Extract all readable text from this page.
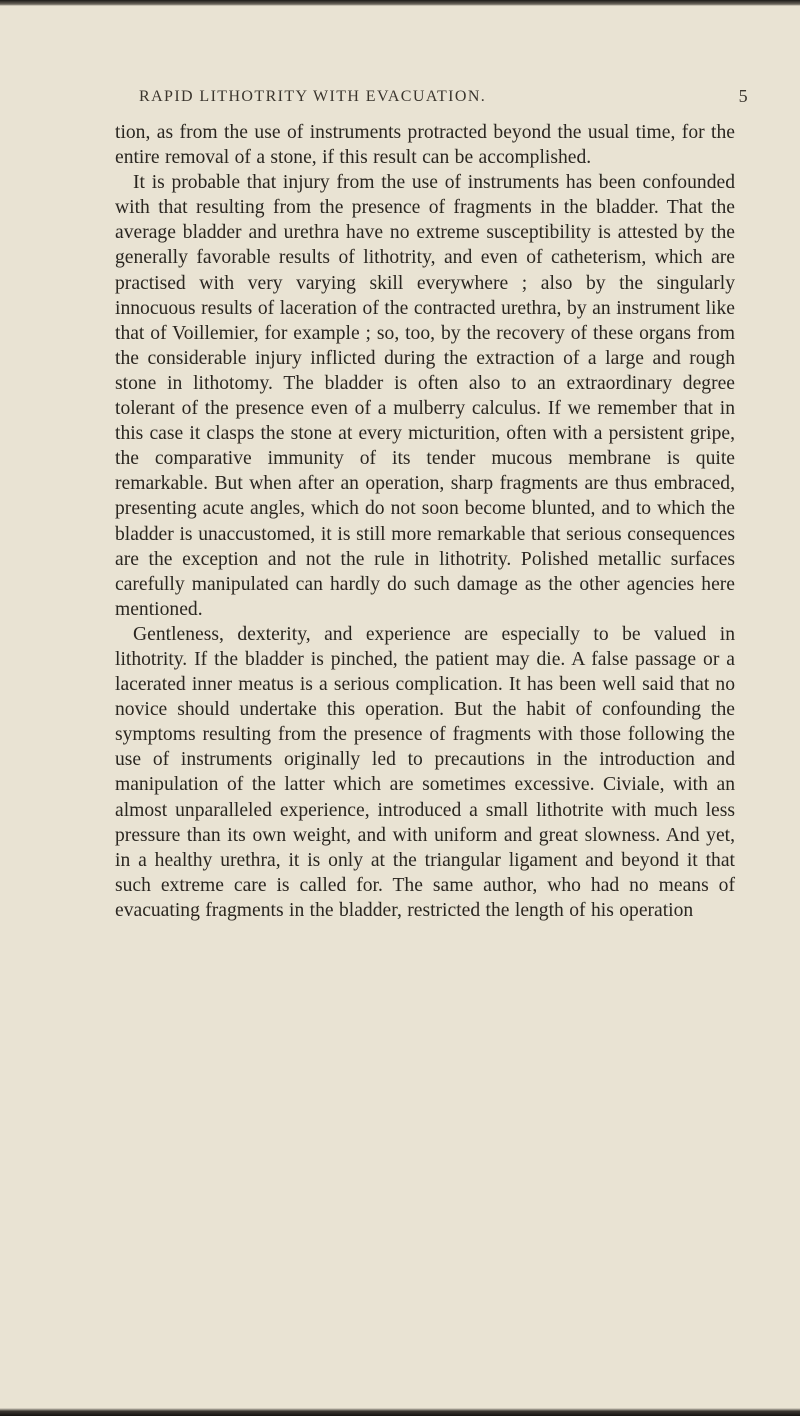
RAPID LITHOTRITY WITH EVACUATION.	5

tion, as from the use of instruments protracted beyond the usual time, for the entire removal of a stone, if this result can be accomplished.

It is probable that injury from the use of instruments has been confounded with that resulting from the presence of fragments in the bladder. That the average bladder and urethra have no extreme susceptibility is attested by the generally favorable results of lithotrity, and even of catheterism, which are practised with very varying skill everywhere ; also by the singularly innocuous results of laceration of the contracted urethra, by an instrument like that of Voillemier, for example ; so, too, by the recovery of these organs from the considerable injury inflicted during the extraction of a large and rough stone in lithotomy. The bladder is often also to an extraordinary degree tolerant of the presence even of a mulberry calculus. If we remember that in this case it clasps the stone at every micturition, often with a persistent gripe, the comparative immunity of its tender mucous membrane is quite remarkable. But when after an operation, sharp fragments are thus embraced, presenting acute angles, which do not soon become blunted, and to which the bladder is unaccustomed, it is still more remarkable that serious consequences are the exception and not the rule in lithotrity. Polished metallic surfaces carefully manipulated can hardly do such damage as the other agencies here mentioned.

Gentleness, dexterity, and experience are especially to be valued in lithotrity. If the bladder is pinched, the patient may die. A false passage or a lacerated inner meatus is a serious complication. It has been well said that no novice should undertake this operation. But the habit of confounding the symptoms resulting from the presence of fragments with those following the use of instruments originally led to precautions in the introduction and manipulation of the latter which are sometimes excessive. Civiale, with an almost unparalleled experience, introduced a small lithotrite with much less pressure than its own weight, and with uniform and great slowness. And yet, in a healthy urethra, it is only at the triangular ligament and beyond it that such extreme care is called for. The same author, who had no means of evacuating fragments in the bladder, restricted the length of his operation
